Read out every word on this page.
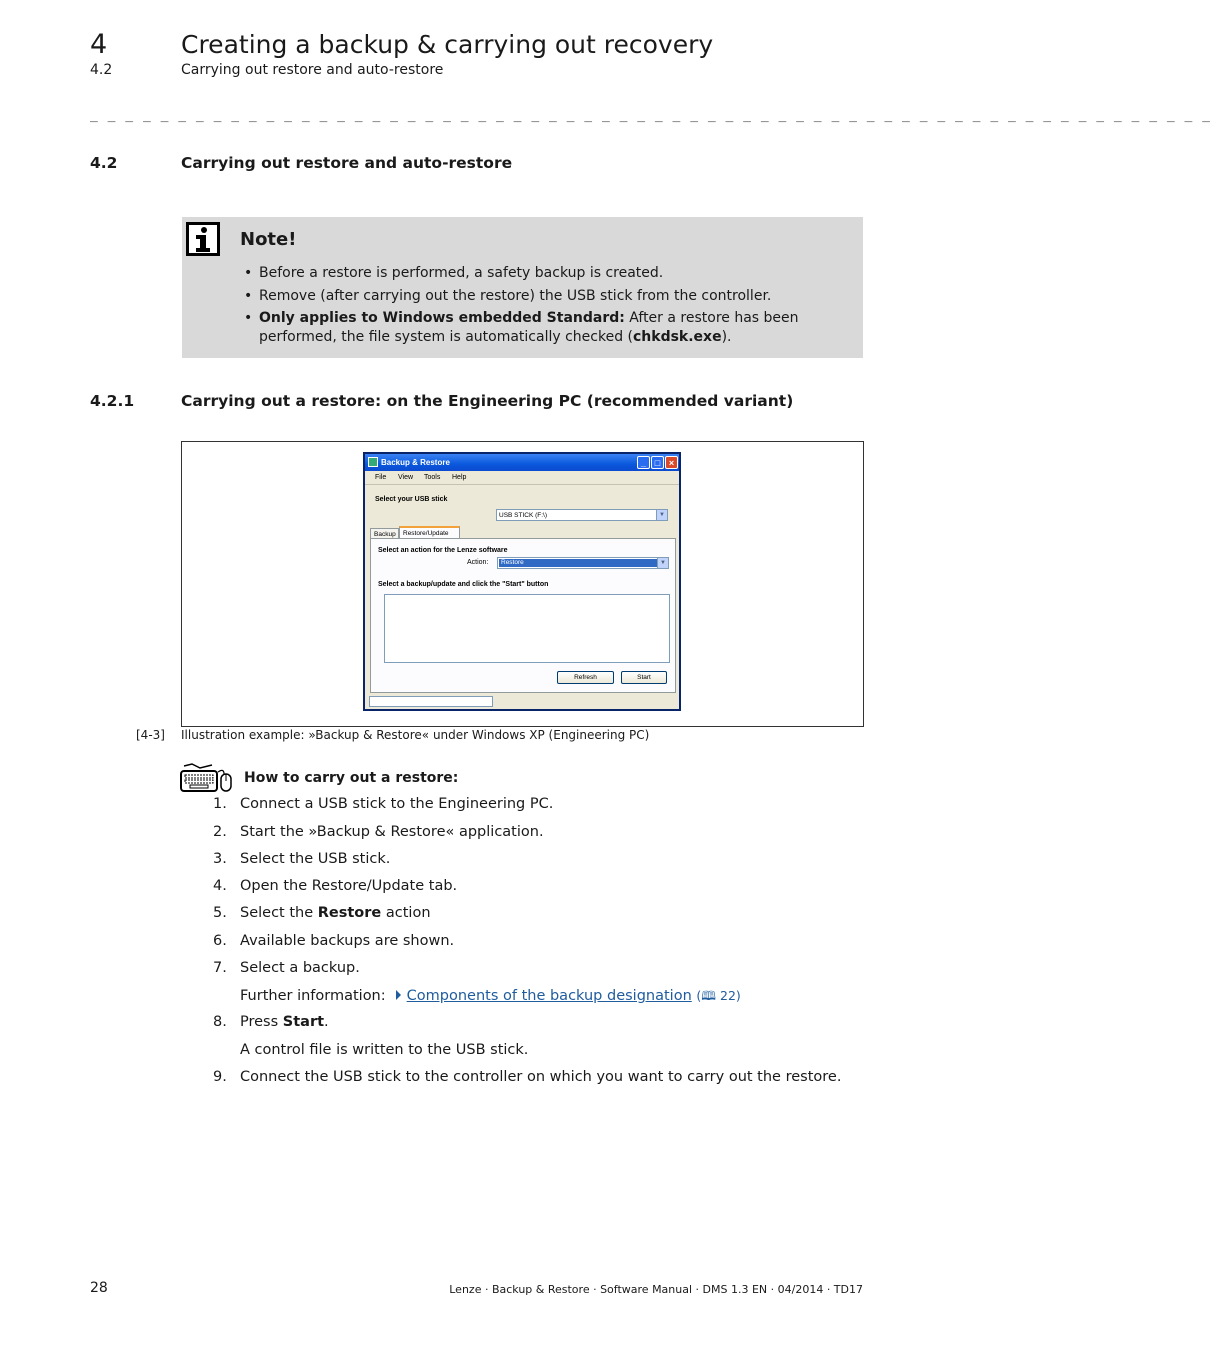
4	Creating a backup & carrying out recovery
4.2	Carrying out restore and auto-restore
_ _ _ _ _ _ _ _ _ _ _ _ _ _ _ _ _ _ _ _ _ _ _ _ _ _ _ _ _ _ _ _ _ _ _ _ _ _ _ _ _ _ _ _ _ _ _ _ _ _ _ _ _ _ _ _ _ _ _ _ _ _ _ _
4.2	Carrying out restore and auto-restore
Note!
• Before a restore is performed, a safety backup is created.
• Remove (after carrying out the restore) the USB stick from the controller.
• Only applies to Windows embedded Standard: After a restore has been performed, the file system is automatically checked (chkdsk.exe).
4.2.1	Carrying out a restore: on the Engineering PC (recommended variant)
Backup & Restore	_ □ ×
File View Tools Help
Select your USB stick
USB STICK (F:\)	▼
Backup	Restore/Update
Select an action for the Lenze software
Action:	Restore	▼
Select a backup/update and click the "Start" button
Refresh	Start
[4-3] Illustration example: »Backup & Restore« under Windows XP (Engineering PC)
How to carry out a restore:
1. Connect a USB stick to the Engineering PC.
2. Start the »Backup & Restore« application.
3. Select the USB stick.
4. Open the Restore/Update tab.
5. Select the Restore action
6. Available backups are shown.
7. Select a backup.
Further information: Components of the backup designation (🕮 22)
8. Press Start.
A control file is written to the USB stick.
9. Connect the USB stick to the controller on which you want to carry out the restore.
28	Lenze · Backup & Restore · Software Manual · DMS 1.3 EN · 04/2014 · TD17
